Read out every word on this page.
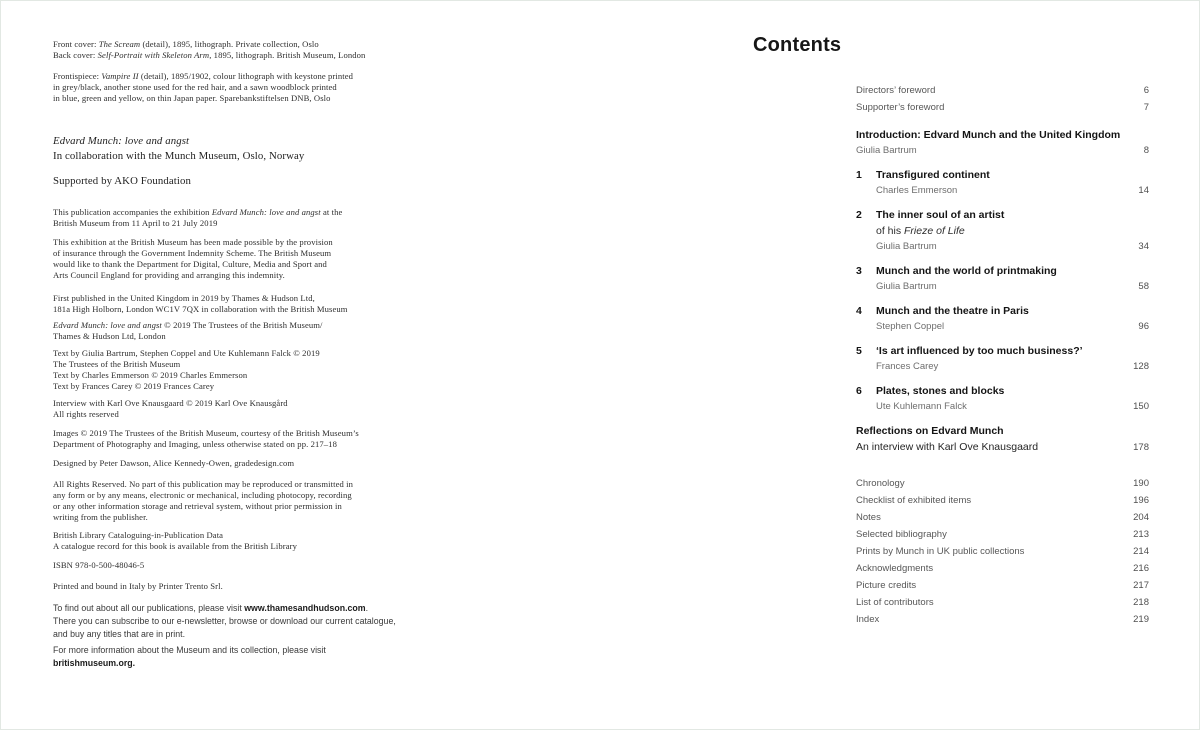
Front cover: The Scream (detail), 1895, lithograph. Private collection, Oslo
Back cover: Self-Portrait with Skeleton Arm, 1895, lithograph. British Museum, London
Frontispiece: Vampire II (detail), 1895/1902, colour lithograph with keystone printed
in grey/black, another stone used for the red hair, and a sawn woodblock printed
in blue, green and yellow, on thin Japan paper. Sparebankstiftelsen DNB, Oslo
Edvard Munch: love and angst
In collaboration with the Munch Museum, Oslo, Norway
Supported by AKO Foundation
This publication accompanies the exhibition Edvard Munch: love and angst at the
British Museum from 11 April to 21 July 2019
This exhibition at the British Museum has been made possible by the provision
of insurance through the Government Indemnity Scheme. The British Museum
would like to thank the Department for Digital, Culture, Media and Sport and
Arts Council England for providing and arranging this indemnity.
First published in the United Kingdom in 2019 by Thames & Hudson Ltd,
181a High Holborn, London WC1V 7QX in collaboration with the British Museum
Edvard Munch: love and angst © 2019 The Trustees of the British Museum/
Thames & Hudson Ltd, London
Text by Giulia Bartrum, Stephen Coppel and Ute Kuhlemann Falck © 2019
The Trustees of the British Museum
Text by Charles Emmerson © 2019 Charles Emmerson
Text by Frances Carey © 2019 Frances Carey
Interview with Karl Ove Knausgaard © 2019 Karl Ove Knausgård
All rights reserved
Images © 2019 The Trustees of the British Museum, courtesy of the British Museum’s
Department of Photography and Imaging, unless otherwise stated on pp. 217–18
Designed by Peter Dawson, Alice Kennedy-Owen, gradedesign.com
All Rights Reserved. No part of this publication may be reproduced or transmitted in
any form or by any means, electronic or mechanical, including photocopy, recording
or any other information storage and retrieval system, without prior permission in
writing from the publisher.
British Library Cataloguing-in-Publication Data
A catalogue record for this book is available from the British Library
ISBN 978-0-500-48046-5
Printed and bound in Italy by Printer Trento Srl.
To find out about all our publications, please visit www.thamesandhudson.com.
There you can subscribe to our e-newsletter, browse or download our current catalogue,
and buy any titles that are in print.
For more information about the Museum and its collection, please visit
britishmuseum.org.
Contents
Directors’ foreword	6
Supporter’s foreword	7
Introduction: Edvard Munch and the United Kingdom
Giulia Bartrum	8
1	Transfigured continent
Charles Emmerson	14
2	The inner soul of an artist
of his Frieze of Life
Giulia Bartrum	34
3	Munch and the world of printmaking
Giulia Bartrum	58
4	Munch and the theatre in Paris
Stephen Coppel	96
5	‘Is art influenced by too much business?’
Frances Carey	128
6	Plates, stones and blocks
Ute Kuhlemann Falck	150
Reflections on Edvard Munch
An interview with Karl Ove Knausgaard	178
Chronology	190
Checklist of exhibited items	196
Notes	204
Selected bibliography	213
Prints by Munch in UK public collections	214
Acknowledgments	216
Picture credits	217
List of contributors	218
Index	219
